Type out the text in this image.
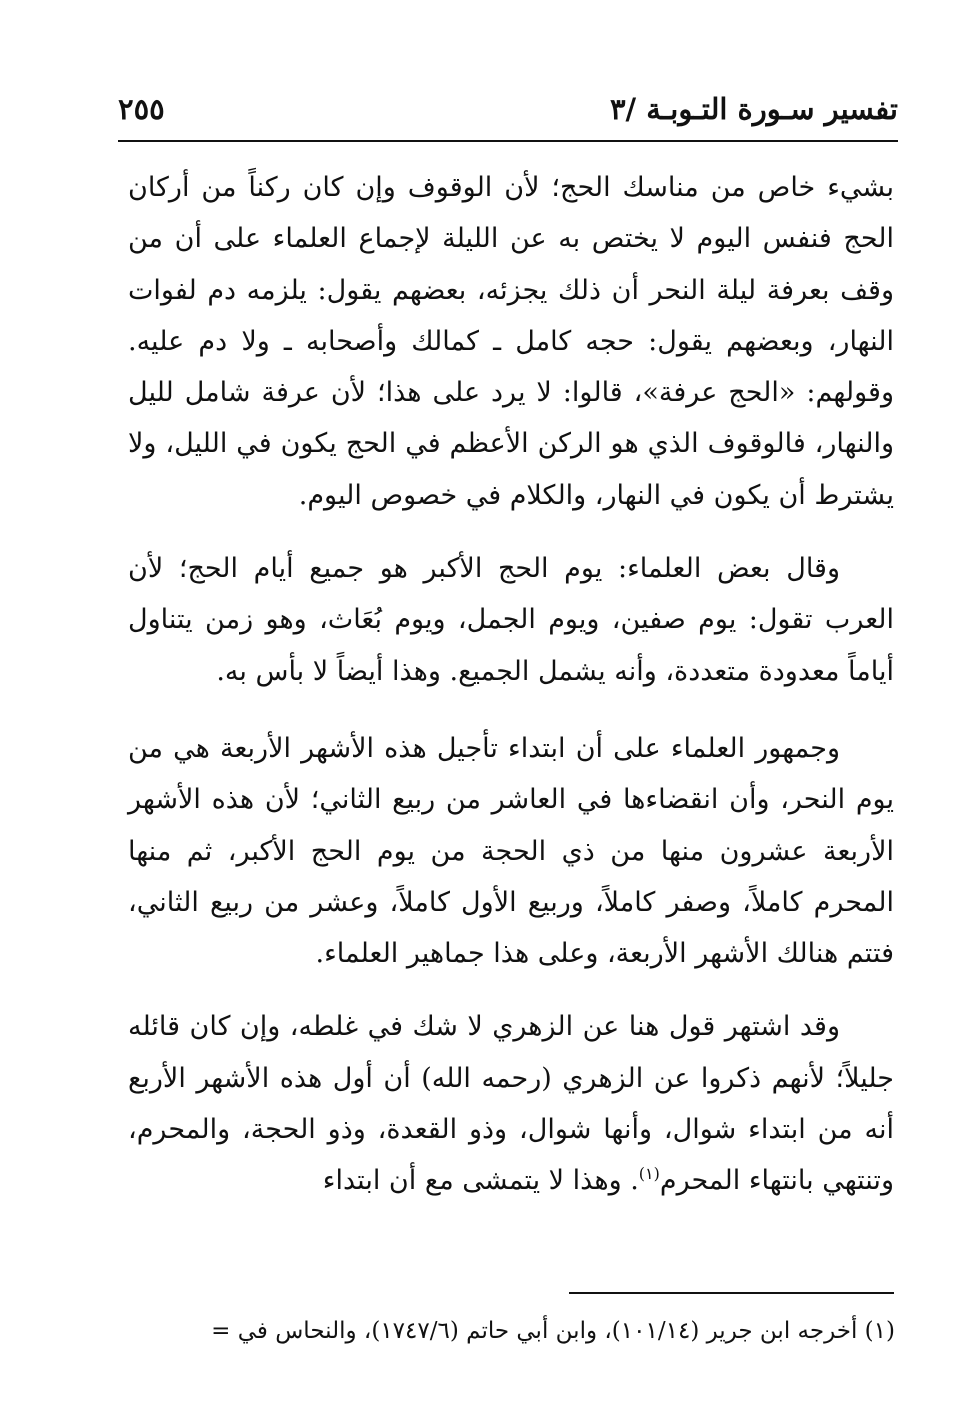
تفسير سـورة التـوبـة /٣
٢٥٥

بشيء خاص من مناسك الحج؛ لأن الوقوف وإن كان ركناً من أركان الحج فنفس اليوم لا يختص به عن الليلة لإجماع العلماء على أن من وقف بعرفة ليلة النحر أن ذلك يجزئه، بعضهم يقول: يلزمه دم لفوات النهار، وبعضهم يقول: حجه كامل ـ كمالك وأصحابه ـ ولا دم عليه. وقولهم: «الحج عرفة»، قالوا: لا يرد على هذا؛ لأن عرفة شامل لليل والنهار، فالوقوف الذي هو الركن الأعظم في الحج يكون في الليل، ولا يشترط أن يكون في النهار، والكلام في خصوص اليوم.

وقال بعض العلماء: يوم الحج الأكبر هو جميع أيام الحج؛ لأن العرب تقول: يوم صفين، ويوم الجمل، ويوم بُعَاث، وهو زمن يتناول أياماً معدودة متعددة، وأنه يشمل الجميع. وهذا أيضاً لا بأس به.

وجمهور العلماء على أن ابتداء تأجيل هذه الأشهر الأربعة هي من يوم النحر، وأن انقضاءها في العاشر من ربيع الثاني؛ لأن هذه الأشهر الأربعة عشرون منها من ذي الحجة من يوم الحج الأكبر، ثم منها المحرم كاملاً، وصفر كاملاً، وربيع الأول كاملاً، وعشر من ربيع الثاني، فتتم هنالك الأشهر الأربعة، وعلى هذا جماهير العلماء.

وقد اشتهر قول هنا عن الزهري لا شك في غلطه، وإن كان قائله جليلاً؛ لأنهم ذكروا عن الزهري (رحمه الله) أن أول هذه الأشهر الأربع أنه من ابتداء شوال، وأنها شوال، وذو القعدة، وذو الحجة، والمحرم، وتنتهي بانتهاء المحرم$^{(١)}$. وهذا لا يتمشى مع أن ابتداء

(١) أخرجه ابن جرير (١٠١/١٤)، وابن أبي حاتم (١٧٤٧/٦)، والنحاس في =
